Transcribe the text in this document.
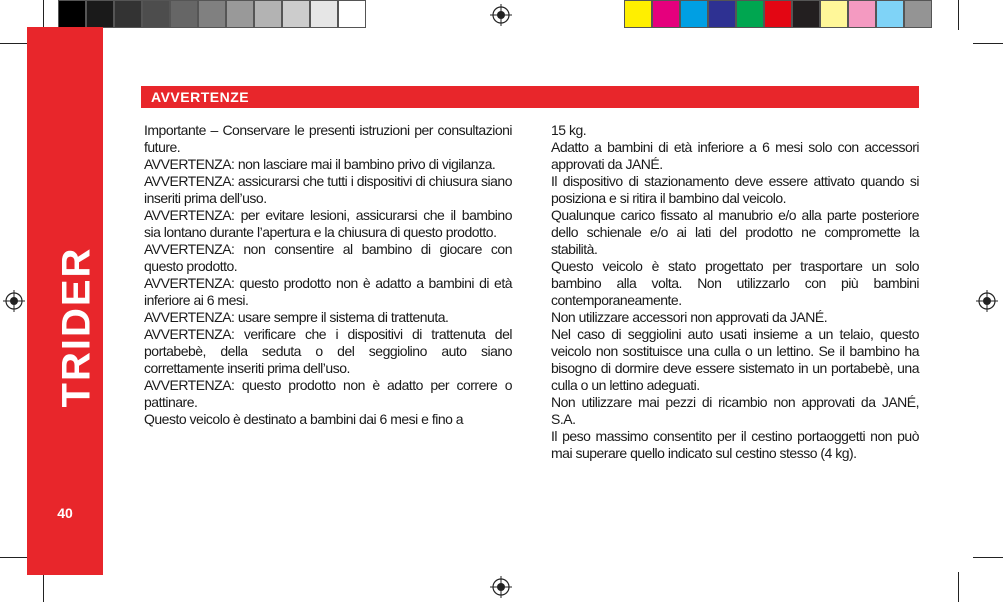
TRIDER
40
AVVERTENZE

Importante – Conservare le presenti istruzioni per consultazioni future.

AVVERTENZA: non lasciare mai il bambino privo di vigilanza.

AVVERTENZA: assicurarsi che tutti i dispositivi di chiusura siano inseriti prima dell’uso.

AVVERTENZA: per evitare lesioni, assicurarsi che il bambino sia lontano durante l’apertura e la chiusura di questo prodotto.

AVVERTENZA: non consentire al bambino di giocare con questo prodotto.

AVVERTENZA: questo prodotto non è adatto a bambini di età inferiore ai 6 mesi.

AVVERTENZA: usare sempre il sistema di trattenuta.

AVVERTENZA: verificare che i dispositivi di trattenuta del portabebè, della seduta o del seggiolino auto siano correttamente inseriti prima dell’uso.

AVVERTENZA: questo prodotto non è adatto per correre o pattinare.

Questo veicolo è destinato a bambini dai 6 mesi e fino a

15 kg.

Adatto a bambini di età inferiore a 6 mesi solo con accessori approvati da JANÉ.

Il dispositivo di stazionamento deve essere attivato quando si posiziona e si ritira il bambino dal veicolo.

Qualunque carico fissato al manubrio e/o alla parte posteriore dello schienale e/o ai lati del prodotto ne compromette la stabilità.

Questo veicolo è stato progettato per trasportare un solo bambino alla volta. Non utilizzarlo con più bambini contemporaneamente.

Non utilizzare accessori non approvati da JANÉ.

Nel caso di seggiolini auto usati insieme a un telaio, questo veicolo non sostituisce una culla o un lettino. Se il bambino ha bisogno di dormire deve essere sistemato in un portabebè, una culla o un lettino adeguati.

Non utilizzare mai pezzi di ricambio non approvati da JANÉ, S.A.

Il peso massimo consentito per il cestino portaoggetti non può mai superare quello indicato sul cestino stesso (4 kg).
